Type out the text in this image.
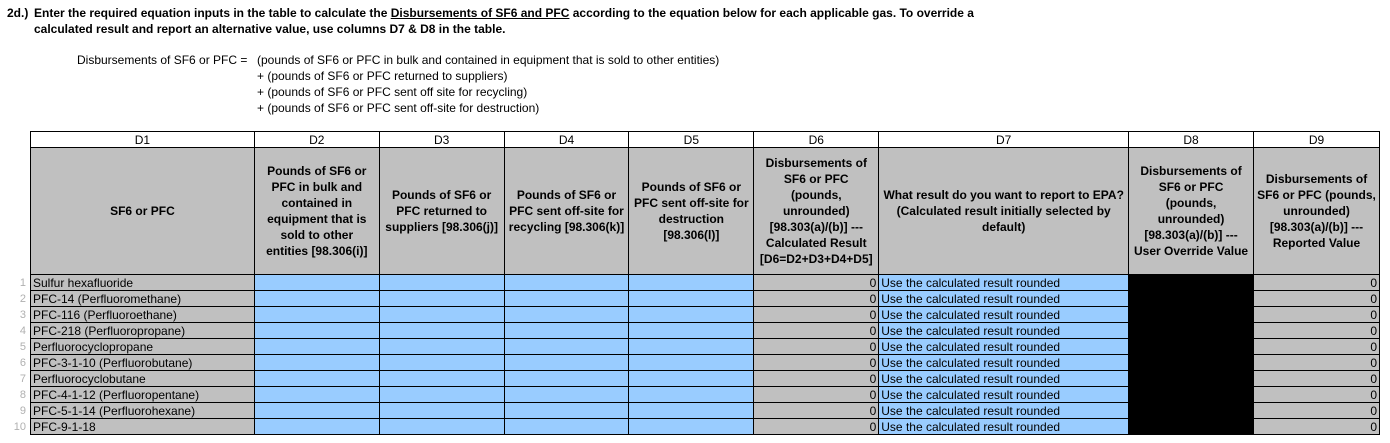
2d.) Enter the required equation inputs in the table to calculate the Disbursements of SF6 and PFC according to the equation below for each applicable gas. To override a
calculated result and report an alternative value, use columns D7 & D8 in the table.
Disbursements of SF6 or PFC = (pounds of SF6 or PFC in bulk and contained in equipment that is sold to other entities)
+ (pounds of SF6 or PFC returned to suppliers)
+ (pounds of SF6 or PFC sent off site for recycling)
+ (pounds of SF6 or PFC sent off-site for destruction)
1
2
3
4
5
6
7
8
9
10
D1	D2	D3	D4	D5	D6	D7	D8	D9
SF6 or PFC	Pounds of SF6 or PFC in bulk and contained in equipment that is sold to other entities [98.306(i)]	Pounds of SF6 or PFC returned to suppliers [98.306(j)]	Pounds of SF6 or PFC sent off-site for recycling [98.306(k)]	Pounds of SF6 or PFC sent off-site for destruction [98.306(l)]	Disbursements of SF6 or PFC (pounds, unrounded) [98.303(a)/(b)] --- Calculated Result [D6=D2+D3+D4+D5]	What result do you want to report to EPA? (Calculated result initially selected by default)	Disbursements of SF6 or PFC (pounds, unrounded) [98.303(a)/(b)] --- User Override Value	Disbursements of SF6 or PFC (pounds, unrounded) [98.303(a)/(b)] --- Reported Value
Sulfur hexafluoride					0	Use the calculated result rounded		0
PFC-14 (Perfluoromethane)					0	Use the calculated result rounded		0
PFC-116 (Perfluoroethane)					0	Use the calculated result rounded		0
PFC-218 (Perfluoropropane)					0	Use the calculated result rounded		0
Perfluorocyclopropane					0	Use the calculated result rounded		0
PFC-3-1-10 (Perfluorobutane)					0	Use the calculated result rounded		0
Perfluorocyclobutane					0	Use the calculated result rounded		0
PFC-4-1-12 (Perfluoropentane)					0	Use the calculated result rounded		0
PFC-5-1-14 (Perfluorohexane)					0	Use the calculated result rounded		0
PFC-9-1-18					0	Use the calculated result rounded		0
